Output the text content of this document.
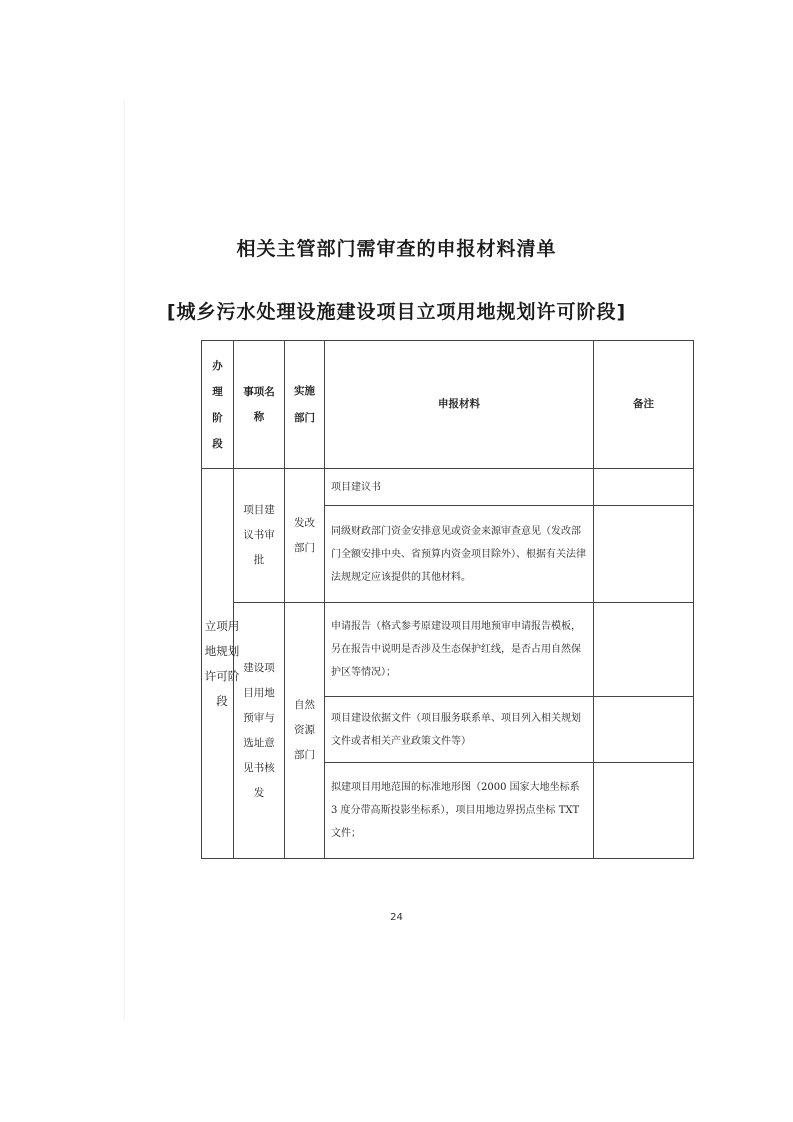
相关主管部门需审查的申报材料清单
[城乡污水处理设施建设项目立项用地规划许可阶段]
办理阶段	事项名称	实施部门	申报材料	备注

立项用地规划许可阶段	项目建议书审批	发改部门	项目建议书	
			同级财政部门资金安排意见或资金来源审查意见（发改部门全额安排中央、省预算内资金项目除外）、根据有关法律法规规定应该提供的其他材料。	

	建设项目用地预审与选址意见书核发	自然资源部门	申请报告（格式参考原建设项目用地预审申请报告模板，另在报告中说明是否涉及生态保护红线，是否占用自然保护区等情况）；	
			项目建设依据文件（项目服务联系单、项目列入相关规划文件或者相关产业政策文件等）	
			拟建项目用地范围的标准地形图（2000 国家大地坐标系 3 度分带高斯投影坐标系），项目用地边界拐点坐标 TXT 文件；	
24
